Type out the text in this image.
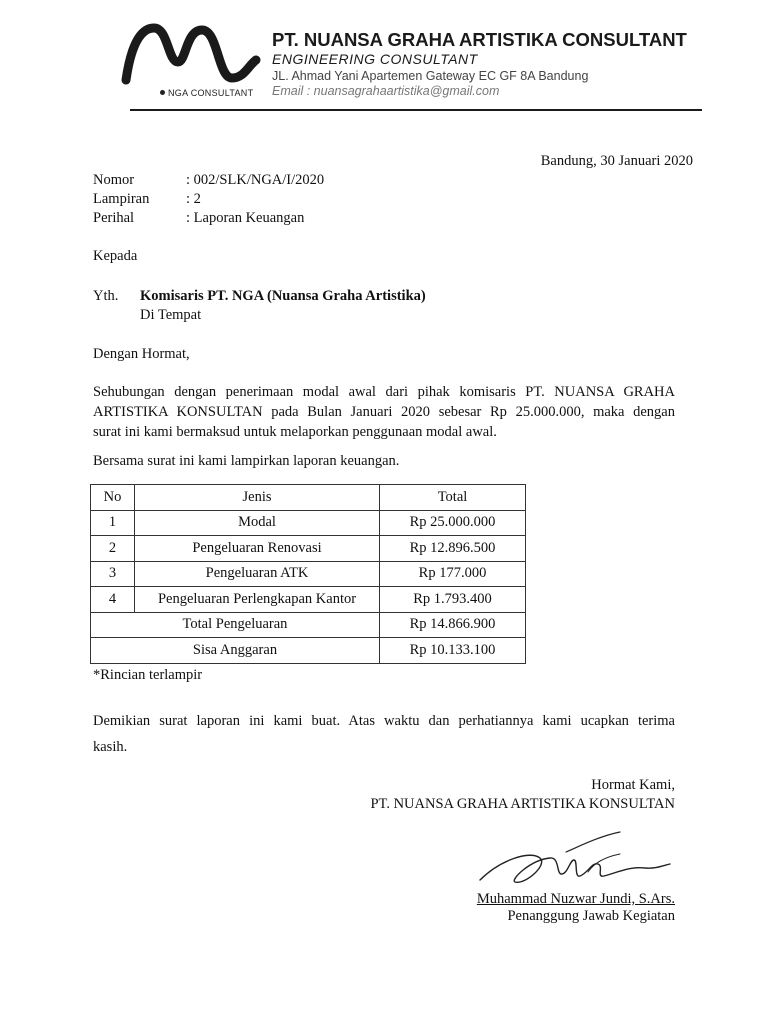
NGA CONSULTANT
PT. NUANSA GRAHA ARTISTIKA CONSULTANT
ENGINEERING CONSULTANT
JL. Ahmad Yani Apartemen Gateway EC GF 8A Bandung
Email : nuansagrahaartistika@gmail.com
Bandung, 30 Januari 2020
Nomor	: 002/SLK/NGA/I/2020
Lampiran	: 2
Perihal	: Laporan Keuangan
Kepada
Yth. Komisaris PT. NGA (Nuansa Graha Artistika)
Di Tempat
Dengan Hormat,
Sehubungan dengan penerimaan modal awal dari pihak komisaris PT. NUANSA GRAHA
ARTISTIKA KONSULTAN pada Bulan Januari 2020 sebesar Rp 25.000.000, maka dengan
surat ini kami bermaksud untuk melaporkan penggunaan modal awal.
Bersama surat ini kami lampirkan laporan keuangan.
No	Jenis	Total
1	Modal	Rp 25.000.000
2	Pengeluaran Renovasi	Rp 12.896.500
3	Pengeluaran ATK	Rp 177.000
4	Pengeluaran Perlengkapan Kantor	Rp 1.793.400
Total Pengeluaran		Rp 14.866.900
Sisa Anggaran		Rp 10.133.100
*Rincian terlampir
Demikian surat laporan ini kami buat. Atas waktu dan perhatiannya kami ucapkan terima
kasih.
Hormat Kami,
PT. NUANSA GRAHA ARTISTIKA KONSULTAN
Muhammad Nuzwar Jundi, S.Ars.
Penanggung Jawab Kegiatan
